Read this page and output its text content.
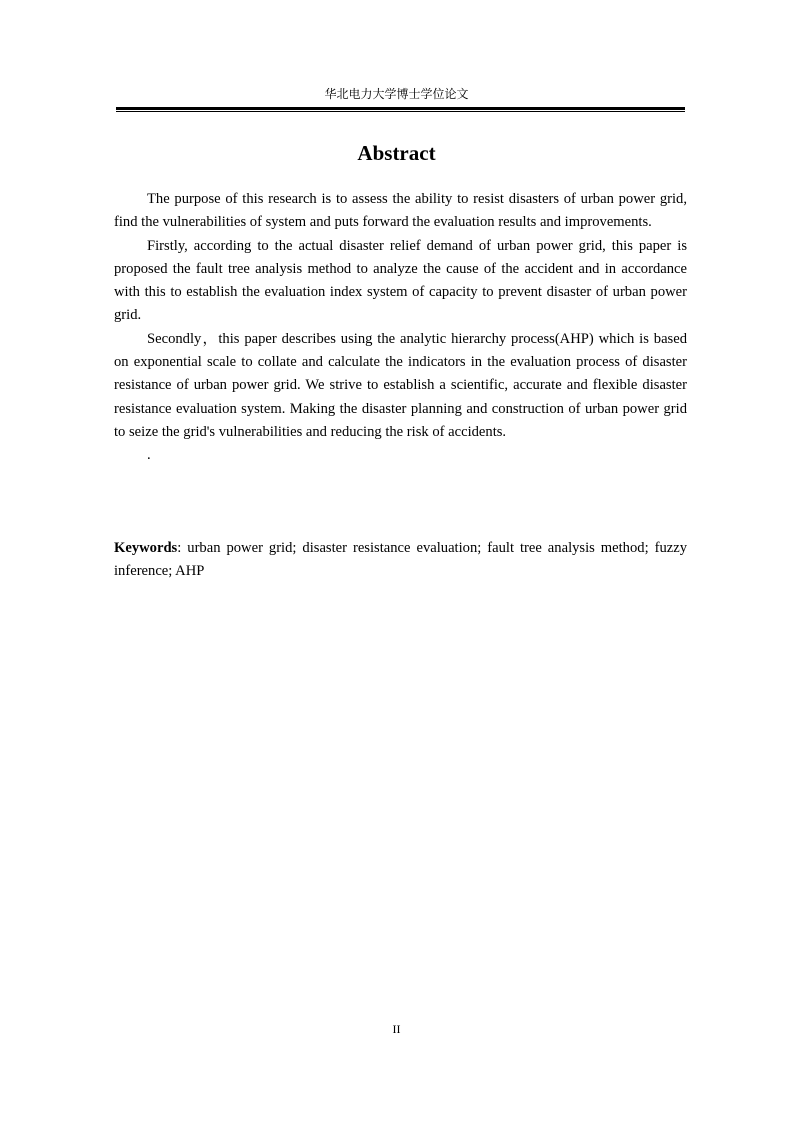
华北电力大学博士学位论文
Abstract

The purpose of this research is to assess the ability to resist disasters of urban power grid, find the vulnerabilities of system and puts forward the evaluation results and improvements.

Firstly, according to the actual disaster relief demand of urban power grid, this paper is proposed the fault tree analysis method to analyze the cause of the accident and in accordance with this to establish the evaluation index system of capacity to prevent disaster of urban power grid.

Secondly，this paper describes using the analytic hierarchy process(AHP) which is based on exponential scale to collate and calculate the indicators in the evaluation process of disaster resistance of urban power grid. We strive to establish a scientific, accurate and flexible disaster resistance evaluation system. Making the disaster planning and construction of urban power grid to seize the grid's vulnerabilities and reducing the risk of accidents.

.

Keywords: urban power grid; disaster resistance evaluation; fault tree analysis method; fuzzy inference; AHP

II
